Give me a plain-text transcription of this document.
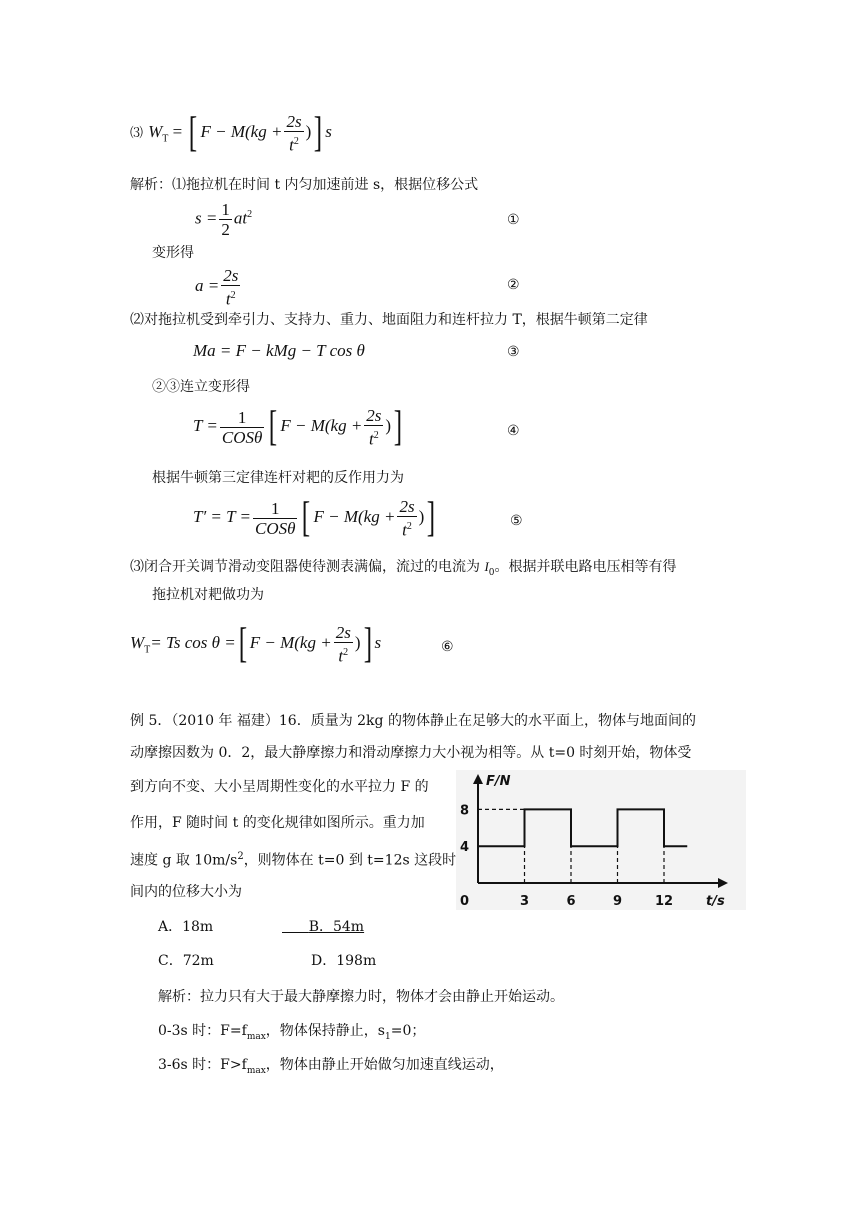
⑶ $W_T$ = [ $F - M(kg + \frac{2s}{t^2}$ )] s
解析：⑴拖拉机在时间 t 内匀加速前进 s，根据位移公式
$s = \frac{1}{2} at^2$	①
变形得
$a = \frac{2s}{t^2}$	②
⑵对拖拉机受到牵引力、支持力、重力、地面阻力和连杆拉力 T，根据牛顿第二定律
Ma = F − kMg − T cos θ	③
②③连立变形得
$T = \frac{1}{\text{COSθ}}$ [ $F - M(kg + \frac{2s}{t^2}$ )]	④
根据牛顿第三定律连杆对耙的反作用力为
$T' = T = \frac{1}{\text{COSθ}}$ [ $F - M(kg + \frac{2s}{t^2}$ )]	⑤
⑶闭合开关调节滑动变阻器使待测表满偏，流过的电流为 $I_0$。根据并联电路电压相等有得
拖拉机对耙做功为
$W_T= Ts$ cos θ =[ $F - M(kg + \frac{2s}{t^2}$ )] s	⑥
例 5．（2010 年 福建）16．质量为 2kg 的物体静止在足够大的水平面上，物体与地面间的
动摩擦因数为 0．2，最大静摩擦力和滑动摩擦力大小视为相等。从 t=0 时刻开始，物体受
到方向不变、大小呈周期性变化的水平拉力 F 的
作用，F 随时间 t 的变化规律如图所示。重力加
速度 g 取 $10m/s^2$，则物体在 t=0 到 t=12s 这段时
间内的位移大小为
3	6	9	12
4
8
0
F/N
t/s
A．18m	B．54m
C．72m	D．198m
解析：拉力只有大于最大静摩擦力时，物体才会由静止开始运动。
0-3s 时：$F=f_{max}$，物体保持静止，$s_1=0$；
3-6s 时：$F>f_{max}$，物体由静止开始做匀加速直线运动，
